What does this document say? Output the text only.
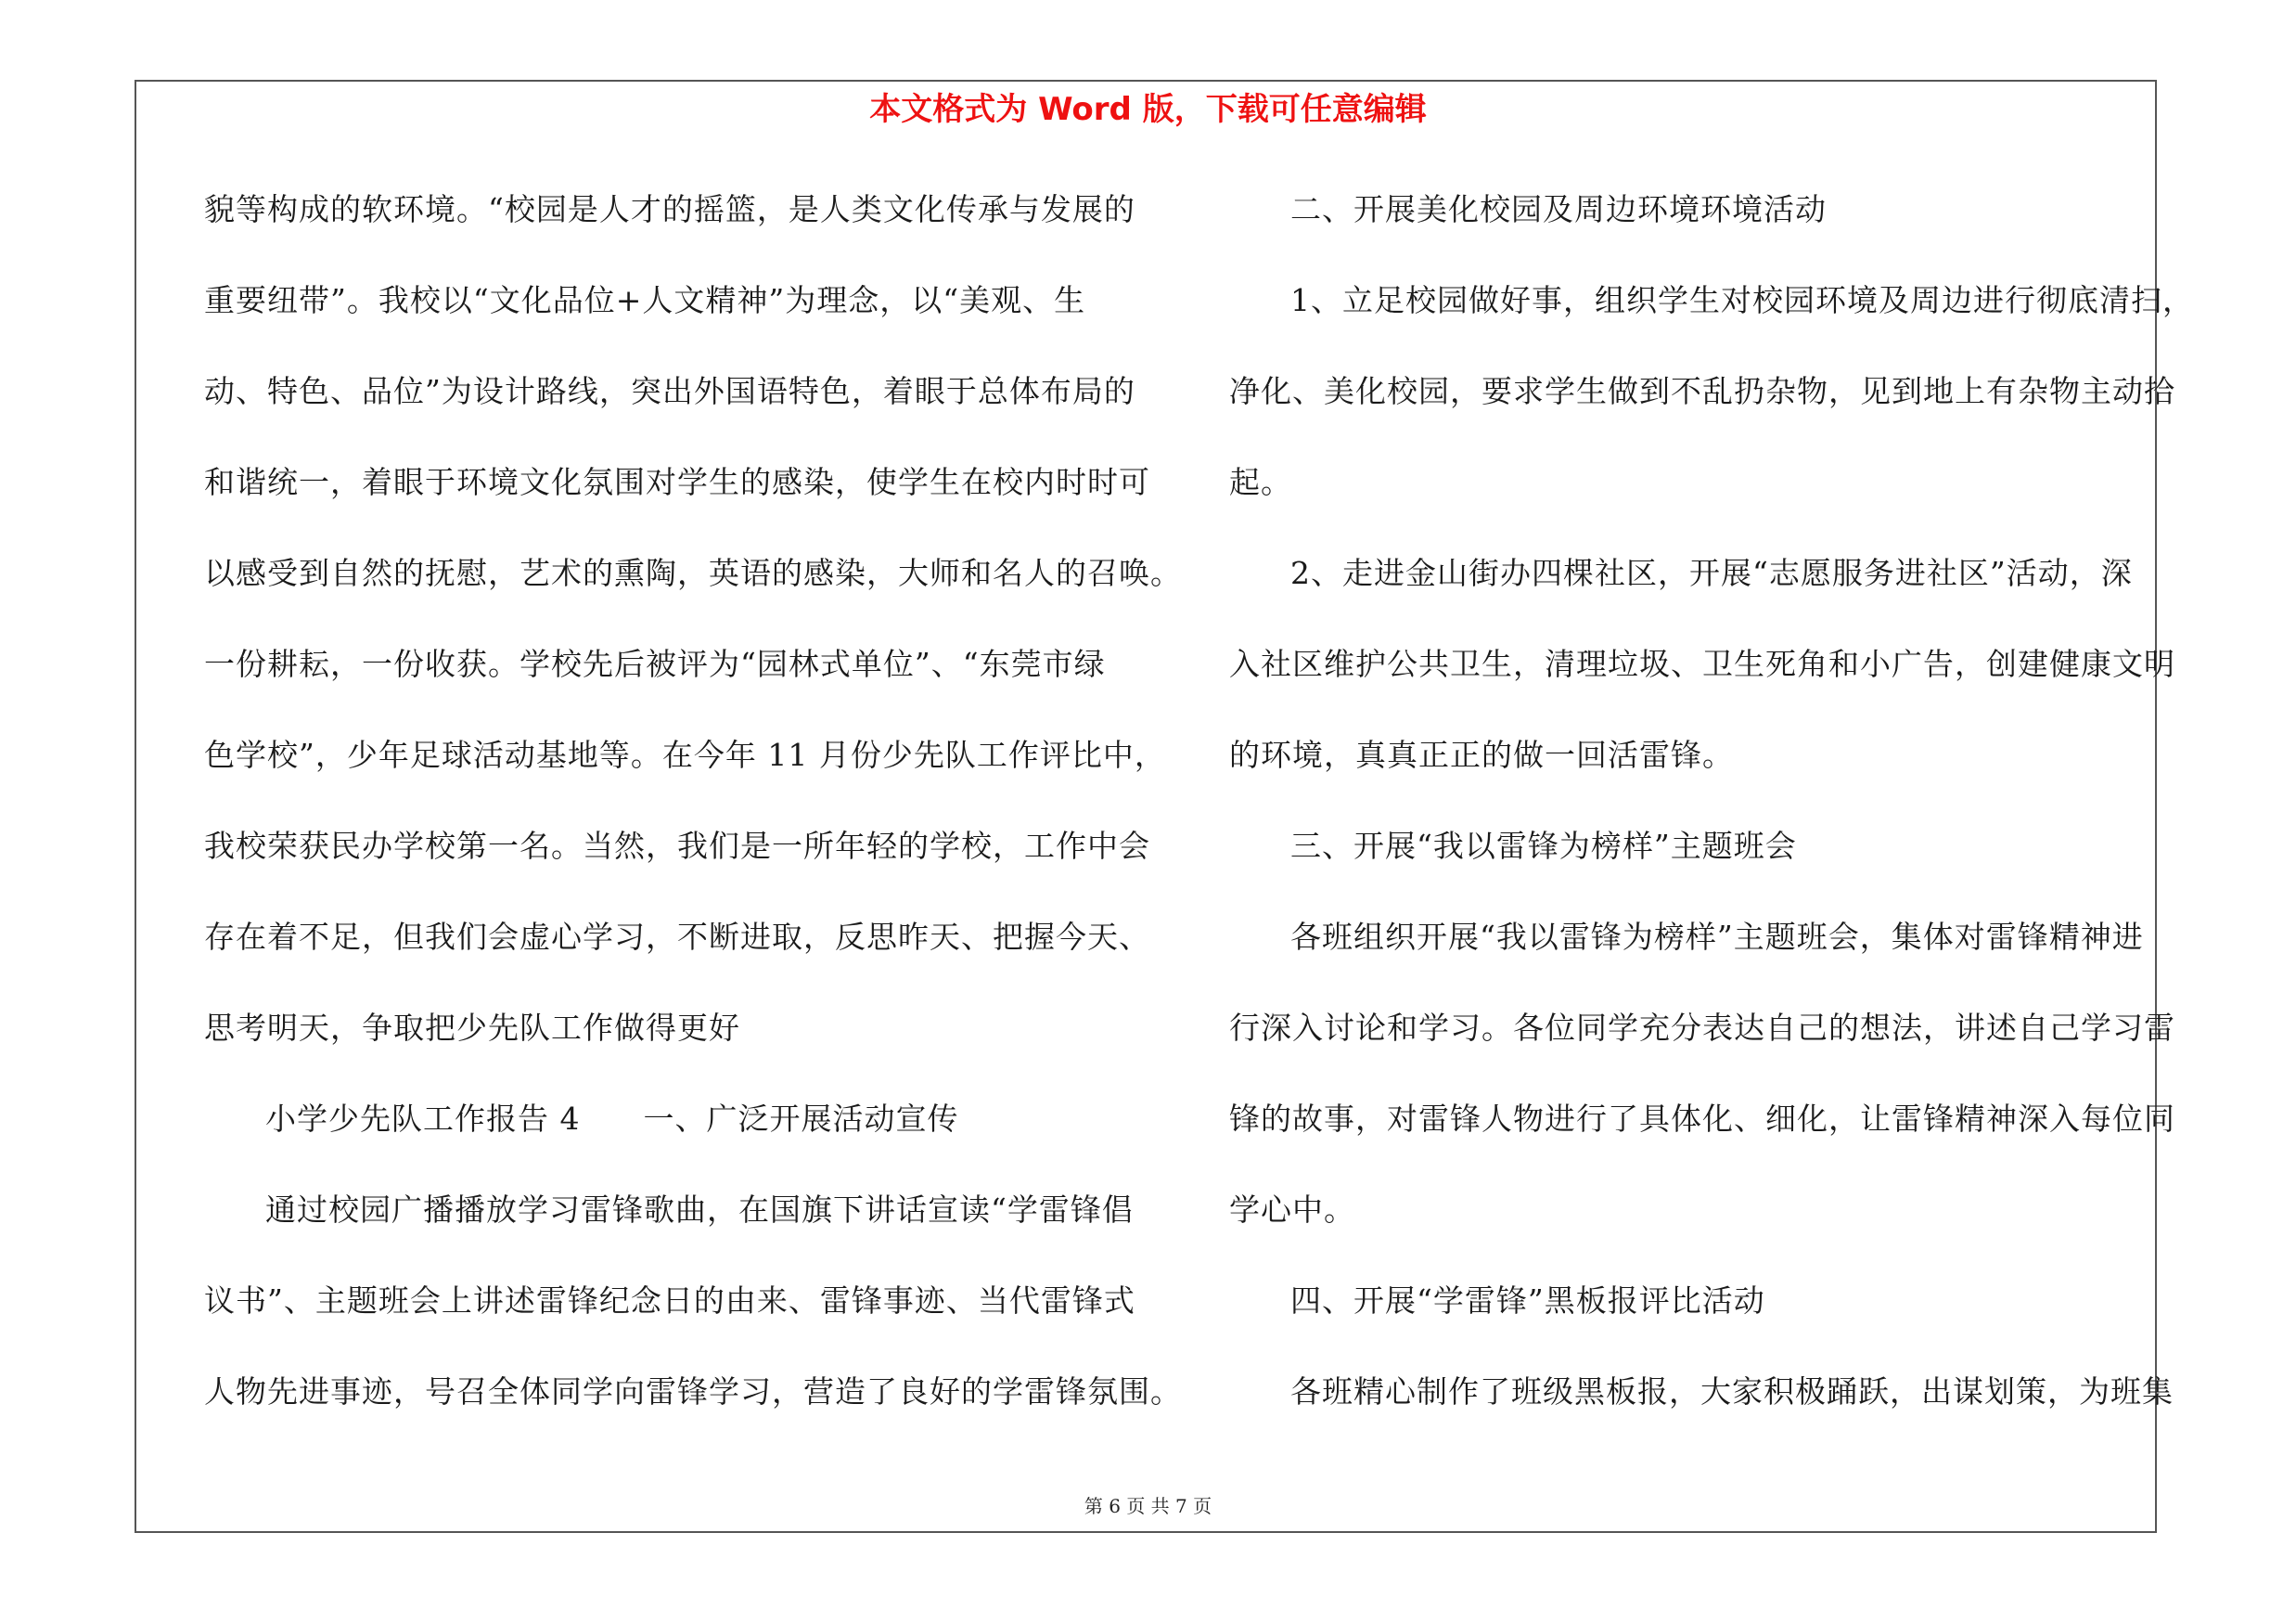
本文格式为 Word 版，下载可任意编辑
貌等构成的软环境。“校园是人才的摇篮，是人类文化传承与发展的
重要纽带”。我校以“文化品位+人文精神”为理念，以“美观、生
动、特色、品位”为设计路线，突出外国语特色，着眼于总体布局的
和谐统一，着眼于环境文化氛围对学生的感染，使学生在校内时时可
以感受到自然的抚慰，艺术的熏陶，英语的感染，大师和名人的召唤。
一份耕耘，一份收获。学校先后被评为“园林式单位”、“东莞市绿
色学校”，少年足球活动基地等。在今年 11 月份少先队工作评比中，
我校荣获民办学校第一名。当然，我们是一所年轻的学校，工作中会
存在着不足，但我们会虚心学习，不断进取，反思昨天、把握今天、
思考明天，争取把少先队工作做得更好
小学少先队工作报告 4　　一、广泛开展活动宣传
通过校园广播播放学习雷锋歌曲，在国旗下讲话宣读“学雷锋倡
议书”、主题班会上讲述雷锋纪念日的由来、雷锋事迹、当代雷锋式
人物先进事迹，号召全体同学向雷锋学习，营造了良好的学雷锋氛围。
二、开展美化校园及周边环境环境活动
1、立足校园做好事，组织学生对校园环境及周边进行彻底清扫，
净化、美化校园，要求学生做到不乱扔杂物，见到地上有杂物主动拾
起。
2、走进金山街办四棵社区，开展“志愿服务进社区”活动，深
入社区维护公共卫生，清理垃圾、卫生死角和小广告，创建健康文明
的环境，真真正正的做一回活雷锋。
三、开展“我以雷锋为榜样”主题班会
各班组织开展“我以雷锋为榜样”主题班会，集体对雷锋精神进
行深入讨论和学习。各位同学充分表达自己的想法，讲述自己学习雷
锋的故事，对雷锋人物进行了具体化、细化，让雷锋精神深入每位同
学心中。
四、开展“学雷锋”黑板报评比活动
各班精心制作了班级黑板报，大家积极踊跃，出谋划策，为班集
第 6 页 共 7 页
